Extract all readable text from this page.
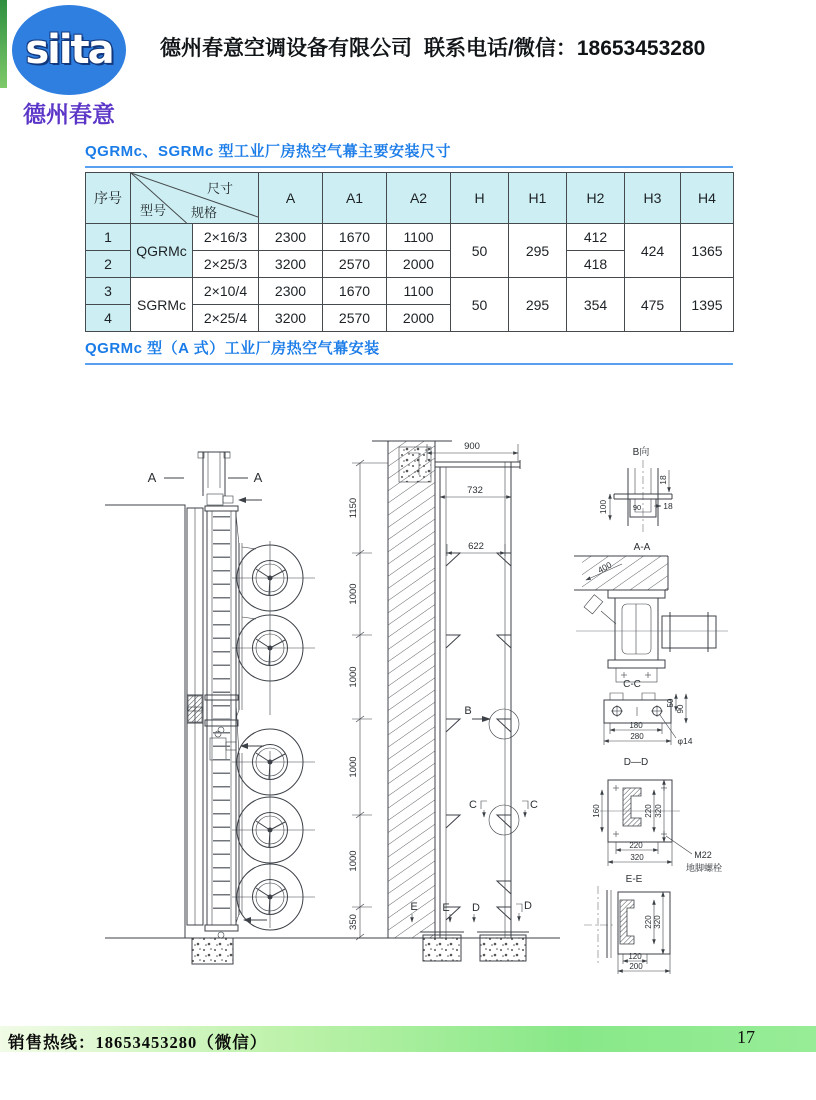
siita
德州春意
德州春意空调设备有限公司 联系电话/微信：18653453280
QGRMc、SGRMc 型工业厂房热空气幕主要安装尺寸
序号	尺寸
型号 规格		A	A1	A2	H	H1	H2	H3	H4
1	QGRMc	2×16/3	2300	1670	1100	50	295	412	424	1365
2		2×25/3	3200	2570	2000			418		
3	SGRMc	2×10/4	2300	1670	1100	50	295	354	475	1395
4		2×25/4	3200	2570	2000					
QGRMc 型（A 式）工业厂房热空气幕安装
A	A
900
732
622
1150
1000
1000
1000
1000
350
B
C	C
E E D	D
B向
18
18
100	90
A-A
400
C-C
50
90
180
280	φ14
D—D
160	220 320
220
320	M22
地脚螺栓
E-E
220 320
120
200
销售热线：18653453280（微信）	17
